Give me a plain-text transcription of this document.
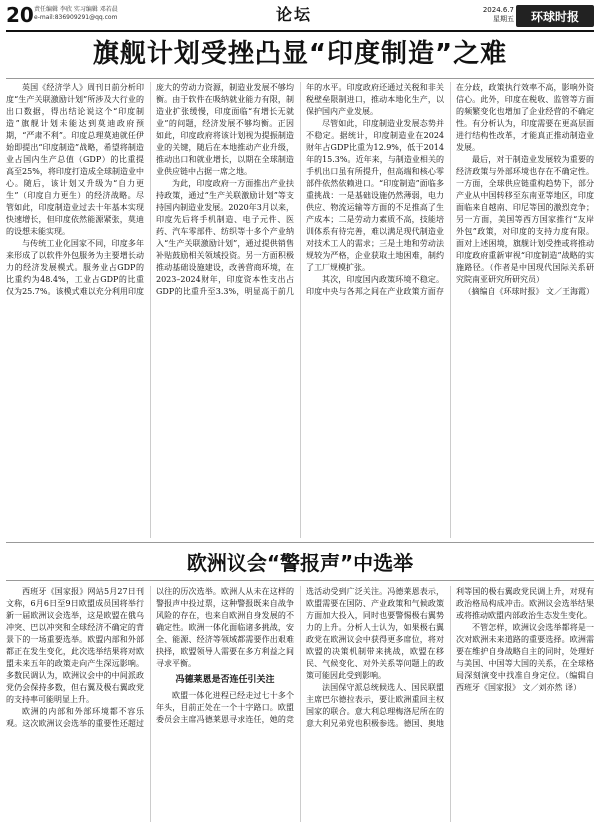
20 责任编辑 李欣 实习编辑 邓若晨
e-mail:836909291@qq.com	论坛	2024.6.7
星期五	环球时报
旗舰计划受挫凸显“印度制造”之难

英国《经济学人》周刊日前分析印度“生产关联激励计划”所涉及大行业的出口数据，得出结论说这个“印度制造”旗舰计划未能达到莫迪政府预期，“严肃不利”。印度总理莫迪就任伊始即提出“印度制造”战略，希望将制造业占国内生产总值（GDP）的比重提高至25%，将印度打造成全球制造业中心。随后，该计划又升级为“自力更生”（印度自力更生）的经济战略。尽管如此，印度制造业过去十年基本实现快速增长，但印度依然能源紧张，莫迪的设想未能实现。

与传统工业化国家不同，印度多年来形成了以软件外包服务为主要增长动力的经济发展模式。服务业占GDP的比重约为48.4%，工业占GDP的比重仅为25.7%。该模式难以充分利用印度庞大的劳动力资源，制造业发展不够均衡。由于软件在吸纳就业能力有限，制造业扩张缓慢，印度面临“有增长无就业”的问题，经济发展不够均衡。正因如此，印度政府将该计划视为提振制造业的关键，随后在本地推动产业升级，推动出口和就业增长，以期在全球制造业供应链中占据一席之地。

为此，印度政府一方面推出产业扶持政策，通过“生产关联激励计划”等支持国内制造业发展。2020年3月以来，印度先后将手机制造、电子元件、医药、汽车零部件、纺织等十多个产业纳入“生产关联激励计划”，通过提供销售补贴鼓励相关领域投资。另一方面积极推动基础设施建设，改善营商环境，在2023–2024财年，印度资本性支出占GDP的比重升至3.3%，明显高于前几年的水平。印度政府还通过关税和非关税壁垒限制进口，推动本地化生产，以保护国内产业发展。

尽管如此，印度制造业发展态势并不稳定。据统计，印度制造业在2024财年占GDP比重为12.9%，低于2014年的15.3%。近年来，与制造业相关的手机出口虽有所提升，但高端和核心零部件依然依赖进口。“印度制造”面临多重挑战：一是基础设施仍然薄弱，电力供应、物流运输等方面的不足推高了生产成本；二是劳动力素质不高，技能培训体系有待完善，难以满足现代制造业对技术工人的需求；三是土地和劳动法规较为严格，企业获取土地困难，制约了工厂规模扩张。

其次，印度国内政策环境不稳定。印度中央与各邦之间在产业政策方面存在分歧，政策执行效率不高，影响外资信心。此外，印度在税收、监管等方面的频繁变化也增加了企业经营的不确定性。有分析认为，印度需要在更高层面进行结构性改革，才能真正推动制造业发展。

最后，对于制造业发展较为重要的经济政策与外部环境也存在不确定性。一方面，全球供应链重构趋势下，部分产业从中国转移至东南亚等地区，印度面临来自越南、印尼等国的激烈竞争；另一方面，美国等西方国家推行“友岸外包”政策，对印度的支持力度有限。面对上述困境，旗舰计划受挫或将推动印度政府重新审视“印度制造”战略的实施路径。（作者是中国现代国际关系研究院南亚研究所研究员）

（摘编自《环球时报》 文／王海霞）

欧洲议会“警报声”中选举

西班牙《国家报》网站5月27日刊文称，6月6日至9日欧盟成员国将举行新一届欧洲议会选举，这是欧盟在俄乌冲突、巴以冲突和全球经济不确定的背景下的一场重要选举。欧盟内部和外部都正在发生变化，此次选举结果将对欧盟未来五年的政策走向产生深远影响。多数民调认为，欧洲议会中的中间派政党仍会保持多数，但右翼及极右翼政党的支持率可能明显上升。

欧洲的内部和外部环境都不容乐观。这次欧洲议会选举的重要性还超过以往的历次选举。欧洲人从未在这样的警报声中投过票，这种警报既来自战争风险的存在，也来自欧洲自身发展的不确定性。欧洲一体化面临诸多挑战，安全、能源、经济等领域都需要作出艰难抉择，欧盟领导人需要在多方利益之间寻求平衡。

冯德莱恩是否连任引关注

欧盟一体化进程已经走过七十多个年头，目前正处在一个十字路口。欧盟委员会主席冯德莱恩寻求连任，她的竞选活动受到广泛关注。冯德莱恩表示，欧盟需要在国防、产业政策和气候政策方面加大投入，同时也要警惕极右翼势力的上升。分析人士认为，如果极右翼政党在欧洲议会中获得更多席位，将对欧盟的决策机制带来挑战，欧盟在移民、气候变化、对外关系等问题上的政策可能因此受到影响。

法国保守派总统候选人、国民联盟主席巴尔德拉表示，要让欧洲重回主权国家的联合。意大利总理梅洛尼所在的意大利兄弟党也积极参选。德国、奥地利等国的极右翼政党民调上升，对现有政治格局构成冲击。欧洲议会选举结果或将推动欧盟内部政治生态发生变化。

不管怎样，欧洲议会选举都将是一次对欧洲未来道路的重要选择。欧洲需要在维护自身战略自主的同时，处理好与美国、中国等大国的关系，在全球格局深刻演变中找准自身定位。（编辑自西班牙《国家报》 文／刘亦然 译）
